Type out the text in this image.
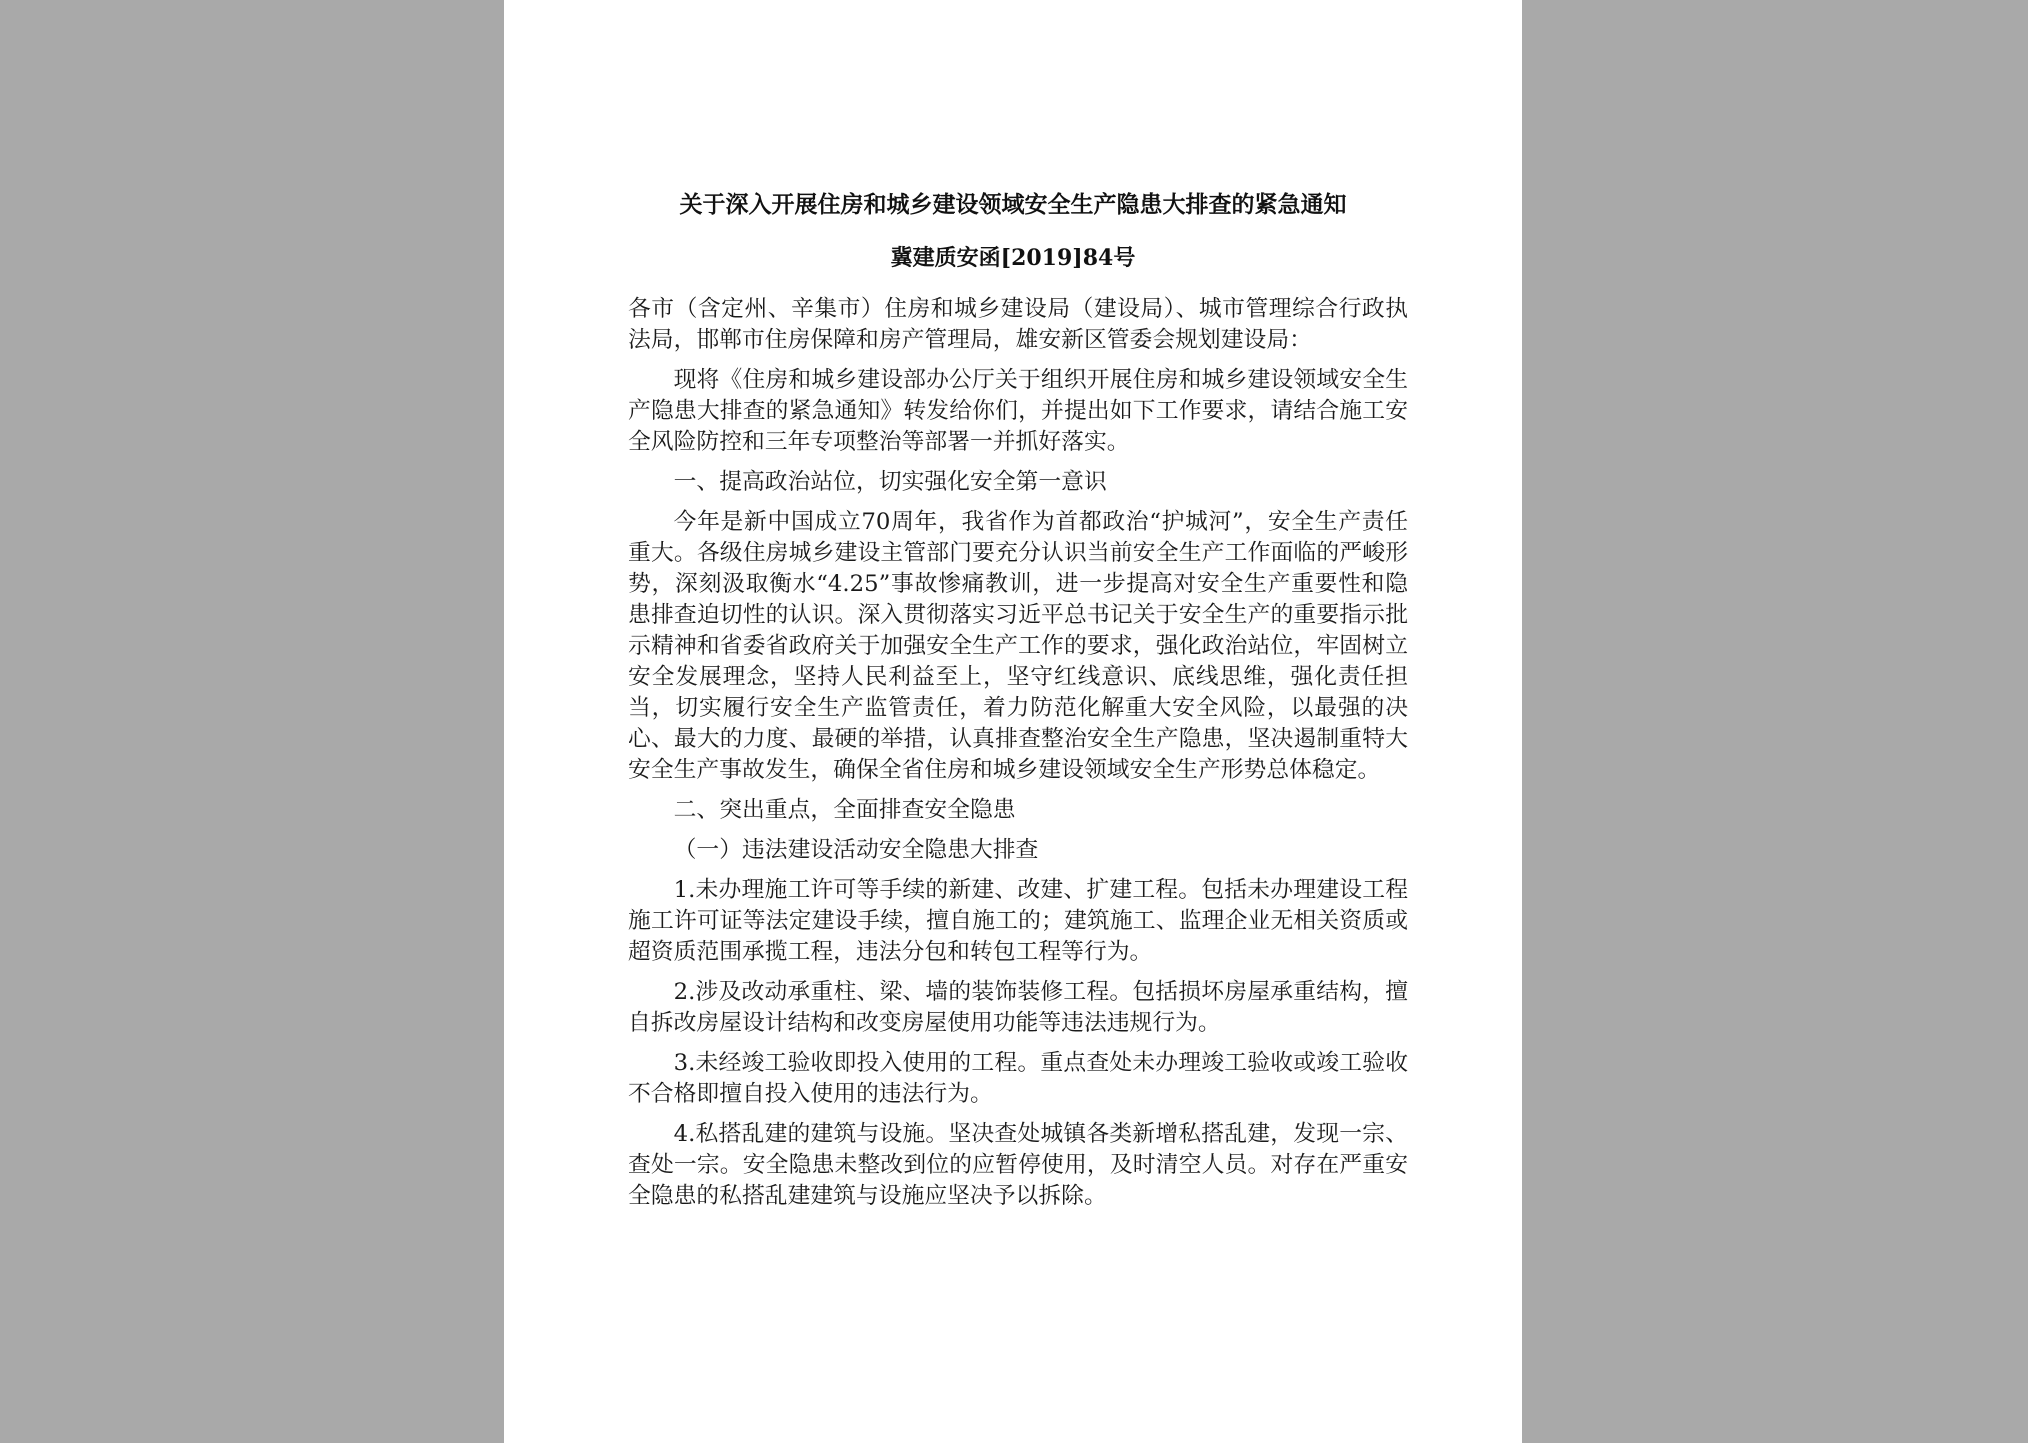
关于深入开展住房和城乡建设领域安全生产隐患大排查的紧急通知
冀建质安函[2019]84号

各市（含定州、辛集市）住房和城乡建设局（建设局）、城市管理综合行政执法局，邯郸市住房保障和房产管理局，雄安新区管委会规划建设局：

现将《住房和城乡建设部办公厅关于组织开展住房和城乡建设领域安全生产隐患大排查的紧急通知》转发给你们，并提出如下工作要求，请结合施工安全风险防控和三年专项整治等部署一并抓好落实。

一、提高政治站位，切实强化安全第一意识

今年是新中国成立70周年，我省作为首都政治“护城河”，安全生产责任重大。各级住房城乡建设主管部门要充分认识当前安全生产工作面临的严峻形势，深刻汲取衡水“4.25”事故惨痛教训，进一步提高对安全生产重要性和隐患排查迫切性的认识。深入贯彻落实习近平总书记关于安全生产的重要指示批示精神和省委省政府关于加强安全生产工作的要求，强化政治站位，牢固树立安全发展理念，坚持人民利益至上，坚守红线意识、底线思维，强化责任担当，切实履行安全生产监管责任，着力防范化解重大安全风险，以最强的决心、最大的力度、最硬的举措，认真排查整治安全生产隐患，坚决遏制重特大安全生产事故发生，确保全省住房和城乡建设领域安全生产形势总体稳定。

二、突出重点，全面排查安全隐患

（一）违法建设活动安全隐患大排查

1.未办理施工许可等手续的新建、改建、扩建工程。包括未办理建设工程施工许可证等法定建设手续，擅自施工的；建筑施工、监理企业无相关资质或超资质范围承揽工程，违法分包和转包工程等行为。

2.涉及改动承重柱、梁、墙的装饰装修工程。包括损坏房屋承重结构，擅自拆改房屋设计结构和改变房屋使用功能等违法违规行为。

3.未经竣工验收即投入使用的工程。重点查处未办理竣工验收或竣工验收不合格即擅自投入使用的违法行为。

4.私搭乱建的建筑与设施。坚决查处城镇各类新增私搭乱建，发现一宗、查处一宗。安全隐患未整改到位的应暂停使用，及时清空人员。对存在严重安全隐患的私搭乱建建筑与设施应坚决予以拆除。
